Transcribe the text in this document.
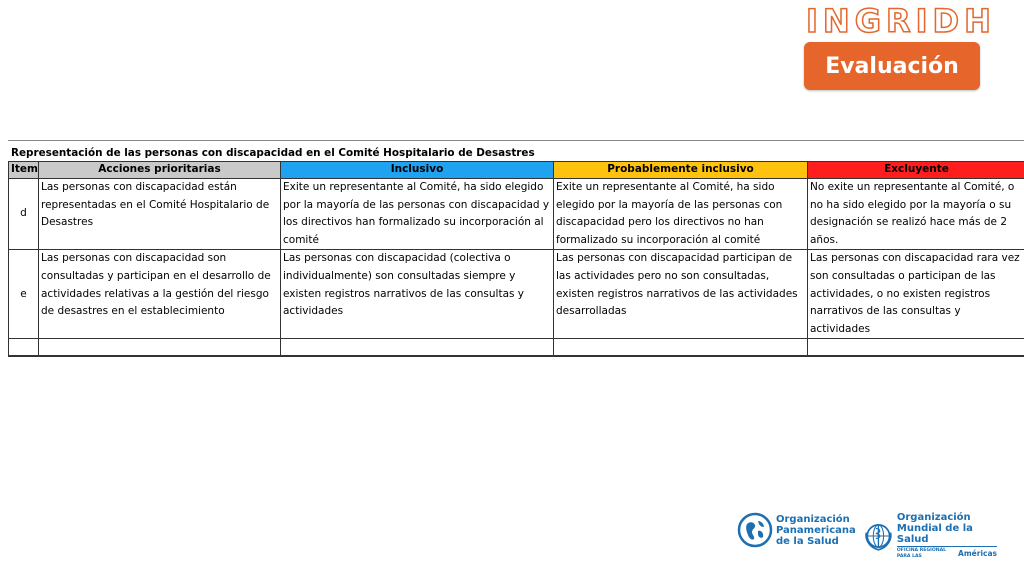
INGRIDH
Evaluación
Representación de las personas con discapacidad en el Comité Hospitalario de Desastres
Item	Acciones prioritarias	Inclusivo	Probablemente inclusivo	Excluyente
d	Las personas con discapacidad están representadas en el Comité Hospitalario de Desastres	Exite un representante al Comité, ha sido elegido por la mayoría de las personas con discapacidad y los directivos han formalizado su incorporación al comité	Exite un representante al Comité, ha sido elegido por la mayoría de las personas con discapacidad pero los directivos no han formalizado su incorporación al comité	No exite un representante al Comité, o no ha sido elegido por la mayoría o su designación se realizó hace más de 2 años.
e	Las personas con discapacidad son consultadas y participan en el desarrollo de actividades relativas a la gestión del riesgo de desastres en el establecimiento	Las personas con discapacidad (colectiva o individualmente) son consultadas siempre y existen registros narrativos de las consultas y actividades	Las personas con discapacidad participan de las actividades pero no son consultadas, existen registros narrativos de las actividades desarrolladas	Las personas con discapacidad rara vez son consultadas o participan de las actividades, o no existen registros narrativos de las consultas y actividades

Organización
Panamericana
de la Salud
Organización
Mundial de la Salud
OFICINA REGIONAL PARA LAS	Américas
